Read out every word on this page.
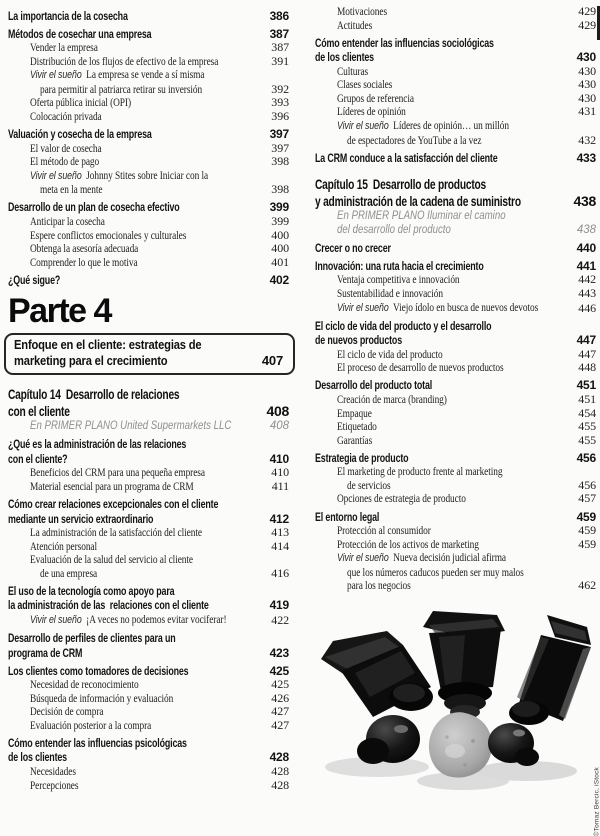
La importancia de la cosecha	386
Métodos de cosechar una empresa	387
Vender la empresa	387
Distribución de los flujos de efectivo de la empresa	391
Vivir el sueño  La empresa se vende a sí misma
para permitir al patriarca retirar su inversión	392
Oferta pública inicial (OPI)	393
Colocación privada	396
Valuación y cosecha de la empresa	397
El valor de cosecha	397
El método de pago	398
Vivir el sueño  Johnny Stites sobre Iniciar con la
meta en la mente	398
Desarrollo de un plan de cosecha efectivo	399
Anticipar la cosecha	399
Espere conflictos emocionales y culturales	400
Obtenga la asesoría adecuada	400
Comprender lo que le motiva	401
¿Qué sigue?	402
Parte 4
Enfoque en el cliente: estrategias de
marketing para el crecimiento	407
Capítulo 14  Desarrollo de relaciones
con el cliente	408
En PRIMER PLANO United Supermarkets LLC	408
¿Qué es la administración de las relaciones
con el cliente?	410
Beneficios del CRM para una pequeña empresa	410
Material esencial para un programa de CRM	411
Cómo crear relaciones excepcionales con el cliente
mediante un servicio extraordinario	412
La administración de la satisfacción del cliente	413
Atención personal	414
Evaluación de la salud del servicio al cliente
de una empresa	416
El uso de la tecnología como apoyo para
la administración de las  relaciones con el cliente	419
Vivir el sueño  ¡A veces no podemos evitar vociferar!	422
Desarrollo de perfiles de clientes para un
programa de CRM	423
Los clientes como tomadores de decisiones	425
Necesidad de reconocimiento	425
Búsqueda de información y evaluación	426
Decisión de compra	427
Evaluación posterior a la compra	427
Cómo entender las influencias psicológicas
de los clientes	428
Necesidades	428
Percepciones	428
Motivaciones	429
Actitudes	429
Cómo entender las influencias sociológicas
de los clientes	430
Culturas	430
Clases sociales	430
Grupos de referencia	430
Líderes de opinión	431
Vivir el sueño  Líderes de opinión… un millón
de espectadores de YouTube a la vez	432
La CRM conduce a la satisfacción del cliente	433
Capítulo 15  Desarrollo de productos
y administración de la cadena de suministro	438
En PRIMER PLANO Iluminar el camino
del desarrollo del producto	438
Crecer o no crecer	440
Innovación: una ruta hacia el crecimiento	441
Ventaja competitiva e innovación	442
Sustentabilidad e innovación	443
Vivir el sueño  Viejo ídolo en busca de nuevos devotos	446
El ciclo de vida del producto y el desarrollo
de nuevos productos	447
El ciclo de vida del producto	447
El proceso de desarrollo de nuevos productos	448
Desarrollo del producto total	451
Creación de marca (branding)	451
Empaque	454
Etiquetado	455
Garantías	455
Estrategia de producto	456
El marketing de producto frente al marketing
de servicios	456
Opciones de estrategia de producto	457
El entorno legal	459
Protección al consumidor	459
Protección de los activos de marketing	459
Vivir el sueño  Nueva decisión judicial afirma
que los números caducos pueden ser muy malos
para los negocios	462
©Tomaz Bercic, iStock
